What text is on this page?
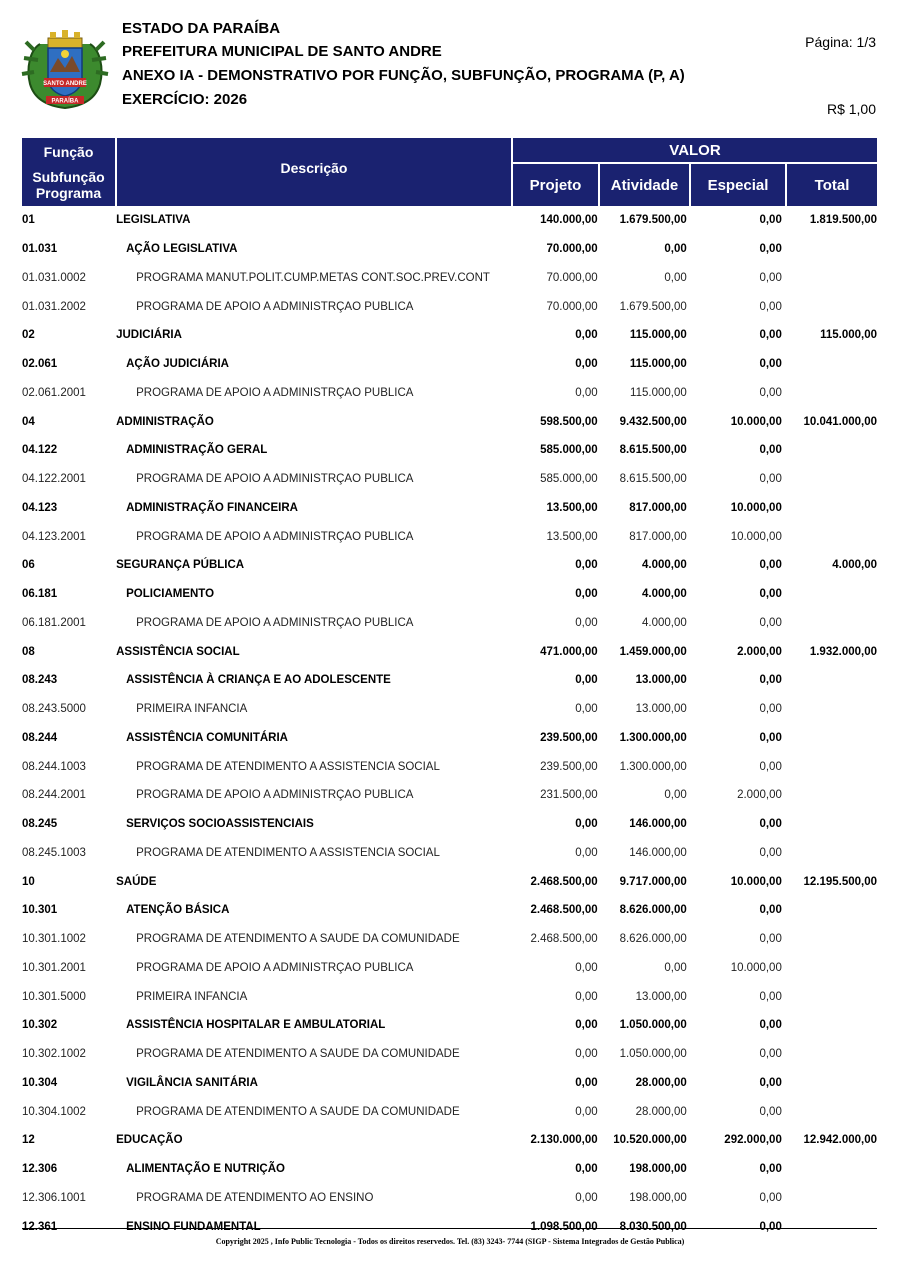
SANTO ANDRE
PARAÍBA
ESTADO DA PARAÍBA
PREFEITURA MUNICIPAL DE SANTO ANDRE
ANEXO IA - DEMONSTRATIVO POR FUNÇÃO, SUBFUNÇÃO, PROGRAMA (P, A)
EXERCÍCIO: 2026
Página: 1/3
R$ 1,00
Função
Subfunção
Programa
Descrição
VALOR
Projeto	Atividade	Especial	Total
01	LEGISLATIVA	140.000,00	1.679.500,00	0,00	1.819.500,00
01.031	AÇÃO LEGISLATIVA	70.000,00	0,00	0,00	
01.031.0002	PROGRAMA MANUT.POLIT.CUMP.METAS CONT.SOC.PREV.CONT	70.000,00	0,00	0,00	
01.031.2002	PROGRAMA DE APOIO A ADMINISTRÇAO PUBLICA	70.000,00	1.679.500,00	0,00	
02	JUDICIÁRIA	0,00	115.000,00	0,00	115.000,00
02.061	AÇÃO JUDICIÁRIA	0,00	115.000,00	0,00	
02.061.2001	PROGRAMA DE APOIO A ADMINISTRÇAO PUBLICA	0,00	115.000,00	0,00	
04	ADMINISTRAÇÃO	598.500,00	9.432.500,00	10.000,00	10.041.000,00
04.122	ADMINISTRAÇÃO GERAL	585.000,00	8.615.500,00	0,00	
04.122.2001	PROGRAMA DE APOIO A ADMINISTRÇAO PUBLICA	585.000,00	8.615.500,00	0,00	
04.123	ADMINISTRAÇÃO FINANCEIRA	13.500,00	817.000,00	10.000,00	
04.123.2001	PROGRAMA DE APOIO A ADMINISTRÇAO PUBLICA	13.500,00	817.000,00	10.000,00	
06	SEGURANÇA PÚBLICA	0,00	4.000,00	0,00	4.000,00
06.181	POLICIAMENTO	0,00	4.000,00	0,00	
06.181.2001	PROGRAMA DE APOIO A ADMINISTRÇAO PUBLICA	0,00	4.000,00	0,00	
08	ASSISTÊNCIA SOCIAL	471.000,00	1.459.000,00	2.000,00	1.932.000,00
08.243	ASSISTÊNCIA À CRIANÇA E AO ADOLESCENTE	0,00	13.000,00	0,00	
08.243.5000	PRIMEIRA INFANCIA	0,00	13.000,00	0,00	
08.244	ASSISTÊNCIA COMUNITÁRIA	239.500,00	1.300.000,00	0,00	
08.244.1003	PROGRAMA DE ATENDIMENTO A ASSISTENCIA SOCIAL	239.500,00	1.300.000,00	0,00	
08.244.2001	PROGRAMA DE APOIO A ADMINISTRÇAO PUBLICA	231.500,00	0,00	2.000,00	
08.245	SERVIÇOS SOCIOASSISTENCIAIS	0,00	146.000,00	0,00	
08.245.1003	PROGRAMA DE ATENDIMENTO A ASSISTENCIA SOCIAL	0,00	146.000,00	0,00	
10	SAÚDE	2.468.500,00	9.717.000,00	10.000,00	12.195.500,00
10.301	ATENÇÃO BÁSICA	2.468.500,00	8.626.000,00	0,00	
10.301.1002	PROGRAMA DE ATENDIMENTO A SAUDE DA COMUNIDADE	2.468.500,00	8.626.000,00	0,00	
10.301.2001	PROGRAMA DE APOIO A ADMINISTRÇAO PUBLICA	0,00	0,00	10.000,00	
10.301.5000	PRIMEIRA INFANCIA	0,00	13.000,00	0,00	
10.302	ASSISTÊNCIA HOSPITALAR E AMBULATORIAL	0,00	1.050.000,00	0,00	
10.302.1002	PROGRAMA DE ATENDIMENTO A SAUDE DA COMUNIDADE	0,00	1.050.000,00	0,00	
10.304	VIGILÂNCIA SANITÁRIA	0,00	28.000,00	0,00	
10.304.1002	PROGRAMA DE ATENDIMENTO A SAUDE DA COMUNIDADE	0,00	28.000,00	0,00	
12	EDUCAÇÃO	2.130.000,00	10.520.000,00	292.000,00	12.942.000,00
12.306	ALIMENTAÇÃO E NUTRIÇÃO	0,00	198.000,00	0,00	
12.306.1001	PROGRAMA DE ATENDIMENTO AO ENSINO	0,00	198.000,00	0,00	
12.361	ENSINO FUNDAMENTAL	1.098.500,00	8.030.500,00	0,00	
Copyright 2025 , Info Public Tecnologia - Todos os direitos reservedos. Tel. (83) 3243- 7744 (SIGP - Sistema Integrados de Gestão Publica)
